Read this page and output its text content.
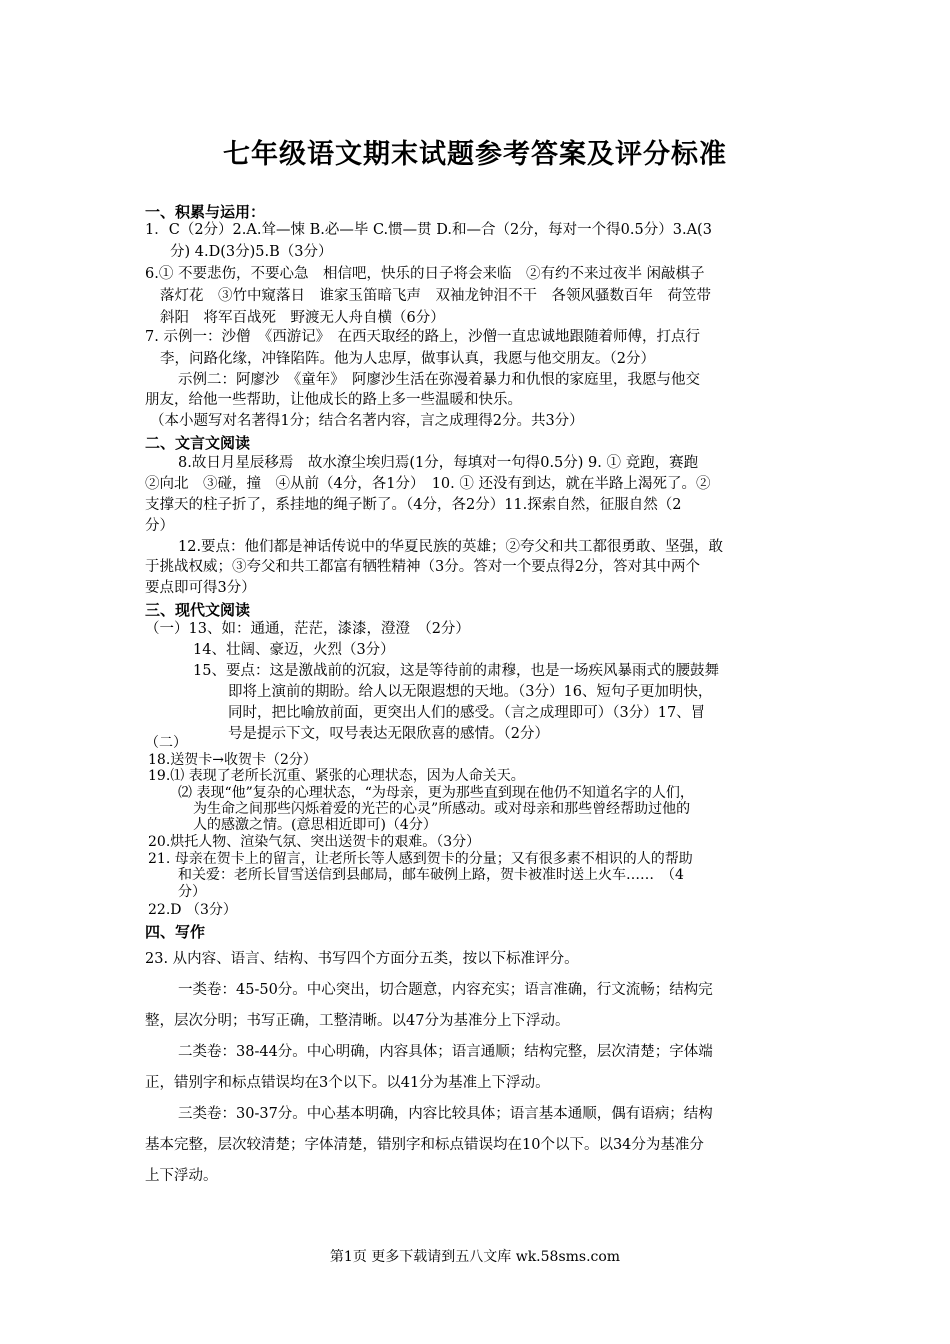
七年级语文期末试题参考答案及评分标准
一、积累与运用：
1．C（2分）2.A.耸—悚 B.必—毕 C.惯—贯 D.和—合（2分，每对一个得0.5分）3.A(3
分) 4.D(3分)5.B（3分）
6.① 不要悲伤，不要心急　相信吧，快乐的日子将会来临　②有约不来过夜半 闲敲棋子
落灯花　③竹中窥落日　谁家玉笛暗飞声　双袖龙钟泪不干　各领风骚数百年　荷笠带
斜阳　将军百战死　野渡无人舟自横（6分）
7. 示例一：沙僧　《西游记》　在西天取经的路上，沙僧一直忠诚地跟随着师傅，打点行
李，问路化缘，冲锋陷阵。他为人忠厚，做事认真，我愿与他交朋友。（2分）
示例二：阿廖沙　《童年》　阿廖沙生活在弥漫着暴力和仇恨的家庭里，我愿与他交
朋友，给他一些帮助，让他成长的路上多一些温暖和快乐。
（本小题写对名著得1分；结合名著内容，言之成理得2分。共3分）
二、文言文阅读
8.故日月星辰移焉　故水潦尘埃归焉(1分，每填对一句得0.5分) 9. ① 竞跑，赛跑
②向北　③碰，撞　④从前（4分，各1分）　10. ① 还没有到达，就在半路上渴死了。②
支撑天的柱子折了，系挂地的绳子断了。（4分，各2分）11.探索自然，征服自然（2
分）
12.要点：他们都是神话传说中的华夏民族的英雄；②夸父和共工都很勇敢、坚强，敢
于挑战权威；③夸父和共工都富有牺牲精神（3分。答对一个要点得2分，答对其中两个
要点即可得3分）
三、现代文阅读
（一）13、如：通通，茫茫，漆漆，澄澄　（2分）
14、壮阔、豪迈，火烈（3分）
15、要点：这是激战前的沉寂，这是等待前的肃穆，也是一场疾风暴雨式的腰鼓舞
即将上演前的期盼。给人以无限遐想的天地。（3分）16、短句子更加明快，
同时，把比喻放前面，更突出人们的感受。（言之成理即可）（3分）17、冒
号是提示下文，叹号表达无限欣喜的感情。（2分）
（二）
18.送贺卡→收贺卡（2分）
19.⑴ 表现了老所长沉重、紧张的心理状态，因为人命关天。
⑵ 表现“他”复杂的心理状态，“为母亲，更为那些直到现在他仍不知道名字的人们，
为生命之间那些闪烁着爱的光芒的心灵”所感动。或对母亲和那些曾经帮助过他的
人的感激之情。(意思相近即可)（4分）
20.烘托人物、渲染气氛、突出送贺卡的艰难。（3分）
21. 母亲在贺卡上的留言，让老所长等人感到贺卡的分量；又有很多素不相识的人的帮助
和关爱：老所长冒雪送信到县邮局，邮车破例上路，贺卡被准时送上火车……　（4
分）
22.D （3分）
四、写作
23. 从内容、语言、结构、书写四个方面分五类，按以下标准评分。
一类卷：45-50分。中心突出，切合题意，内容充实；语言准确，行文流畅；结构完
整，层次分明；书写正确，工整清晰。以47分为基准分上下浮动。
二类卷：38-44分。中心明确，内容具体；语言通顺；结构完整，层次清楚；字体端
正，错别字和标点错误均在3个以下。以41分为基准上下浮动。
三类卷：30-37分。中心基本明确，内容比较具体；语言基本通顺，偶有语病；结构
基本完整，层次较清楚；字体清楚，错别字和标点错误均在10个以下。以34分为基准分
上下浮动。
第1页 更多下载请到五八文库 wk.58sms.com
